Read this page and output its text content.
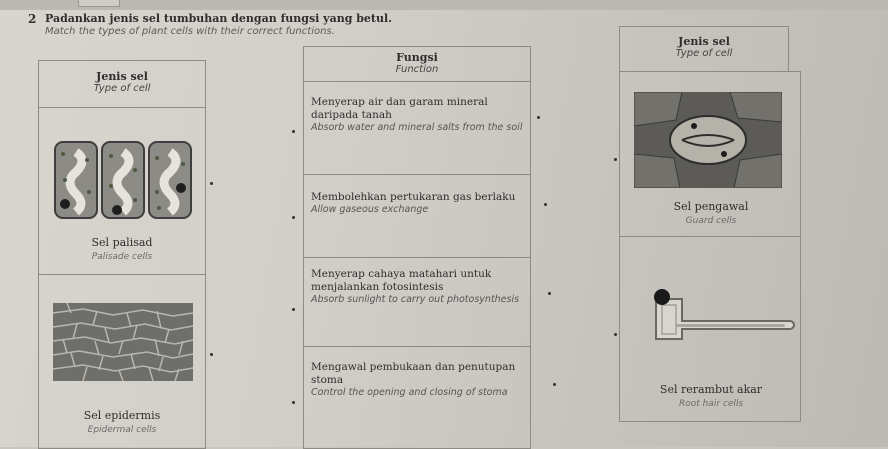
2 Padankan jenis sel tumbuhan dengan fungsi yang betul.
Match the types of plant cells with their correct functions.
Jenis sel
Type of cell
Sel palisad
Palisade cells
Sel epidermis
Epidermal cells
Fungsi
Function
Menyerap air dan garam mineral daripada tanah
Absorb water and mineral salts from the soil
Membolehkan pertukaran gas berlaku
Allow gaseous exchange
Menyerap cahaya matahari untuk menjalankan fotosintesis
Absorb sunlight to carry out photosynthesis
Mengawal pembukaan dan penutupan stoma
Control the opening and closing of stoma
Jenis sel
Type of cell
Sel pengawal
Guard cells
Sel rerambut akar
Root hair cells
